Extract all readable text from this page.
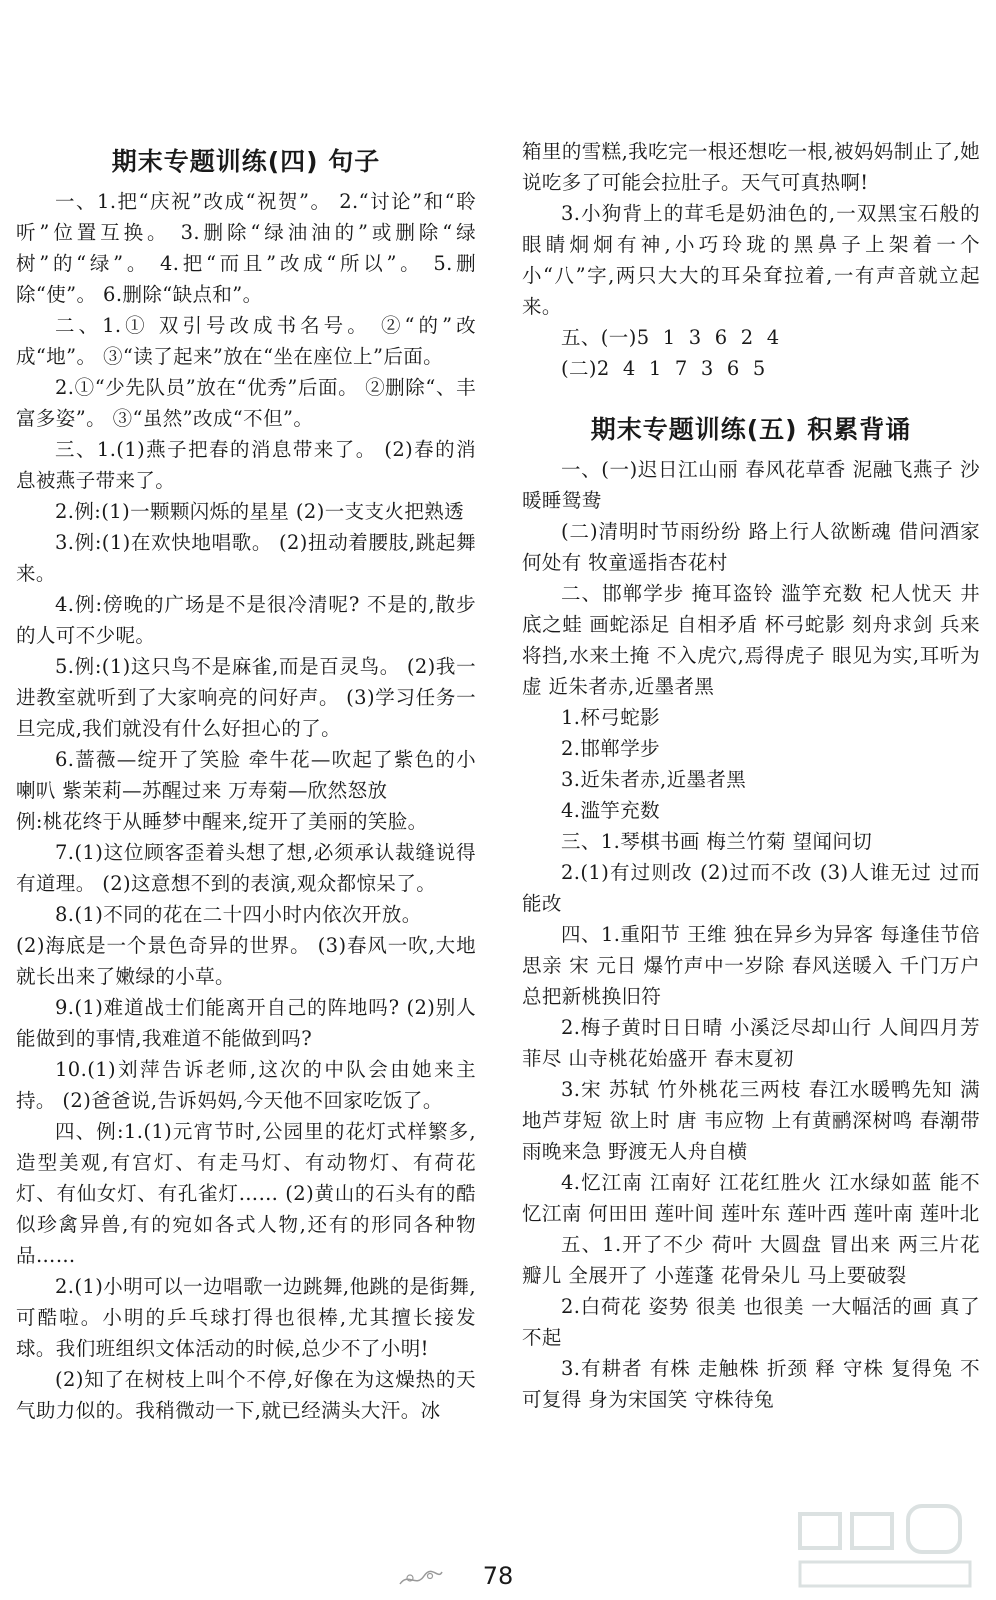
期末专题训练(四) 句子

一、1.把“庆祝”改成“祝贺”。 2.“讨论”和“聆听”位置互换。 3.删除“绿油油的”或删除“绿树”的“绿”。 4.把“而且”改成“所以”。 5.删除“使”。 6.删除“缺点和”。

二、1.① 双引号改成书名号。 ②“的”改成“地”。 ③“读了起来”放在“坐在座位上”后面。

2.①“少先队员”放在“优秀”后面。 ②删除“、丰富多姿”。 ③“虽然”改成“不但”。

三、1.(1)燕子把春的消息带来了。 (2)春的消息被燕子带来了。

2.例:(1)一颗颗闪烁的星星 (2)一支支火把熟透

3.例:(1)在欢快地唱歌。 (2)扭动着腰肢,跳起舞来。

4.例:傍晚的广场是不是很冷清呢? 不是的,散步的人可不少呢。

5.例:(1)这只鸟不是麻雀,而是百灵鸟。 (2)我一进教室就听到了大家响亮的问好声。 (3)学习任务一旦完成,我们就没有什么好担心的了。

6.蔷薇—绽开了笑脸 牵牛花—吹起了紫色的小喇叭 紫茉莉—苏醒过来 万寿菊—欣然怒放

例:桃花终于从睡梦中醒来,绽开了美丽的笑脸。

7.(1)这位顾客歪着头想了想,必须承认裁缝说得有道理。 (2)这意想不到的表演,观众都惊呆了。

8.(1)不同的花在二十四小时内依次开放。

(2)海底是一个景色奇异的世界。 (3)春风一吹,大地就长出来了嫩绿的小草。

9.(1)难道战士们能离开自己的阵地吗? (2)别人能做到的事情,我难道不能做到吗?

10.(1)刘萍告诉老师,这次的中队会由她来主持。 (2)爸爸说,告诉妈妈,今天他不回家吃饭了。

四、例:1.(1)元宵节时,公园里的花灯式样繁多,造型美观,有宫灯、有走马灯、有动物灯、有荷花灯、有仙女灯、有孔雀灯…… (2)黄山的石头有的酷似珍禽异兽,有的宛如各式人物,还有的形同各种物品……

2.(1)小明可以一边唱歌一边跳舞,他跳的是街舞,可酷啦。小明的乒乓球打得也很棒,尤其擅长接发球。我们班组织文体活动的时候,总少不了小明!

(2)知了在树枝上叫个不停,好像在为这燥热的天气助力似的。我稍微动一下,就已经满头大汗。冰

箱里的雪糕,我吃完一根还想吃一根,被妈妈制止了,她说吃多了可能会拉肚子。天气可真热啊!

3.小狗背上的茸毛是奶油色的,一双黑宝石般的眼睛炯炯有神,小巧玲珑的黑鼻子上架着一个小“八”字,两只大大的耳朵耷拉着,一有声音就立起来。

五、(一)5  1  3  6  2  4

(二)2  4  1  7  3  6  5

期末专题训练(五) 积累背诵

一、(一)迟日江山丽 春风花草香 泥融飞燕子 沙暖睡鸳鸯

(二)清明时节雨纷纷 路上行人欲断魂 借问酒家何处有 牧童遥指杏花村

二、邯郸学步 掩耳盗铃 滥竽充数 杞人忧天 井底之蛙 画蛇添足 自相矛盾 杯弓蛇影 刻舟求剑 兵来将挡,水来土掩 不入虎穴,焉得虎子 眼见为实,耳听为虚 近朱者赤,近墨者黑

1.杯弓蛇影

2.邯郸学步

3.近朱者赤,近墨者黑

4.滥竽充数

三、1.琴棋书画 梅兰竹菊 望闻问切

2.(1)有过则改 (2)过而不改 (3)人谁无过 过而能改

四、1.重阳节 王维 独在异乡为异客 每逢佳节倍思亲 宋 元日 爆竹声中一岁除 春风送暖入 千门万户 总把新桃换旧符

2.梅子黄时日日晴 小溪泛尽却山行 人间四月芳菲尽 山寺桃花始盛开 春末夏初

3.宋 苏轼 竹外桃花三两枝 春江水暖鸭先知 满地芦芽短 欲上时 唐 韦应物 上有黄鹂深树鸣 春潮带雨晚来急 野渡无人舟自横

4.忆江南 江南好 江花红胜火 江水绿如蓝 能不忆江南 何田田 莲叶间 莲叶东 莲叶西 莲叶南 莲叶北

五、1.开了不少 荷叶 大圆盘 冒出来 两三片花瓣儿 全展开了 小莲蓬 花骨朵儿 马上要破裂

2.白荷花 姿势 很美 也很美 一大幅活的画 真了不起

3.有耕者 有株 走触株 折颈 释 守株 复得兔 不可复得 身为宋国笑 守株待兔

78
